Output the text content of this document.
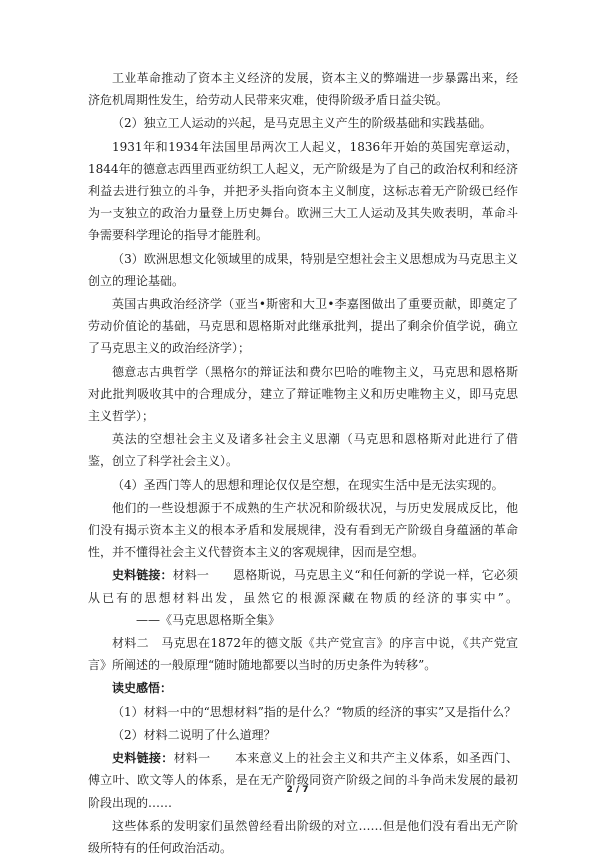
工业革命推动了资本主义经济的发展，资本主义的弊端进一步暴露出来，经济危机周期性发生，给劳动人民带来灾难，使得阶级矛盾日益尖锐。

（2）独立工人运动的兴起，是马克思主义产生的阶级基础和实践基础。

1931年和1934年法国里昂两次工人起义，1836年开始的英国宪章运动，1844年的德意志西里西亚纺织工人起义，无产阶级是为了自己的政治权利和经济利益去进行独立的斗争，并把矛头指向资本主义制度，这标志着无产阶级已经作为一支独立的政治力量登上历史舞台。欧洲三大工人运动及其失败表明，革命斗争需要科学理论的指导才能胜利。

（3）欧洲思想文化领域里的成果，特别是空想社会主义思想成为马克思主义创立的理论基础。

英国古典政治经济学（亚当•斯密和大卫•李嘉图做出了重要贡献，即奠定了劳动价值论的基础，马克思和恩格斯对此继承批判，提出了剩余价值学说，确立了马克思主义的政治经济学）；

德意志古典哲学（黑格尔的辩证法和费尔巴哈的唯物主义，马克思和恩格斯对此批判吸收其中的合理成分，建立了辩证唯物主义和历史唯物主义，即马克思主义哲学）；

英法的空想社会主义及诸多社会主义思潮（马克思和恩格斯对此进行了借鉴，创立了科学社会主义）。

（4）圣西门等人的思想和理论仅仅是空想，在现实生活中是无法实现的。

他们的一些设想源于不成熟的生产状况和阶级状况，与历史发展成反比，他们没有揭示资本主义的根本矛盾和发展规律，没有看到无产阶级自身蕴涵的革命性，并不懂得社会主义代替资本主义的客观规律，因而是空想。

史料链接：材料一　　恩格斯说，马克思主义“和任何新的学说一样，它必须从已有的思想材料出发，虽然它的根源深藏在物质的经济的事实中”。——《马克思恩格斯全集》

材料二　马克思在1872年的德文版《共产党宣言》的序言中说，《共产党宣言》所阐述的一般原理“随时随地都要以当时的历史条件为转移”。

读史感悟：

（1）材料一中的“思想材料”指的是什么？“物质的经济的事实”又是指什么？

（2）材料二说明了什么道理？

史料链接：材料一　　本来意义上的社会主义和共产主义体系，如圣西门、傅立叶、欧文等人的体系，是在无产阶级同资产阶级之间的斗争尚未发展的最初阶段出现的……

这些体系的发明家们虽然曾经看出阶级的对立……但是他们没有看出无产阶级所特有的任何政治活动。

2 / 7
